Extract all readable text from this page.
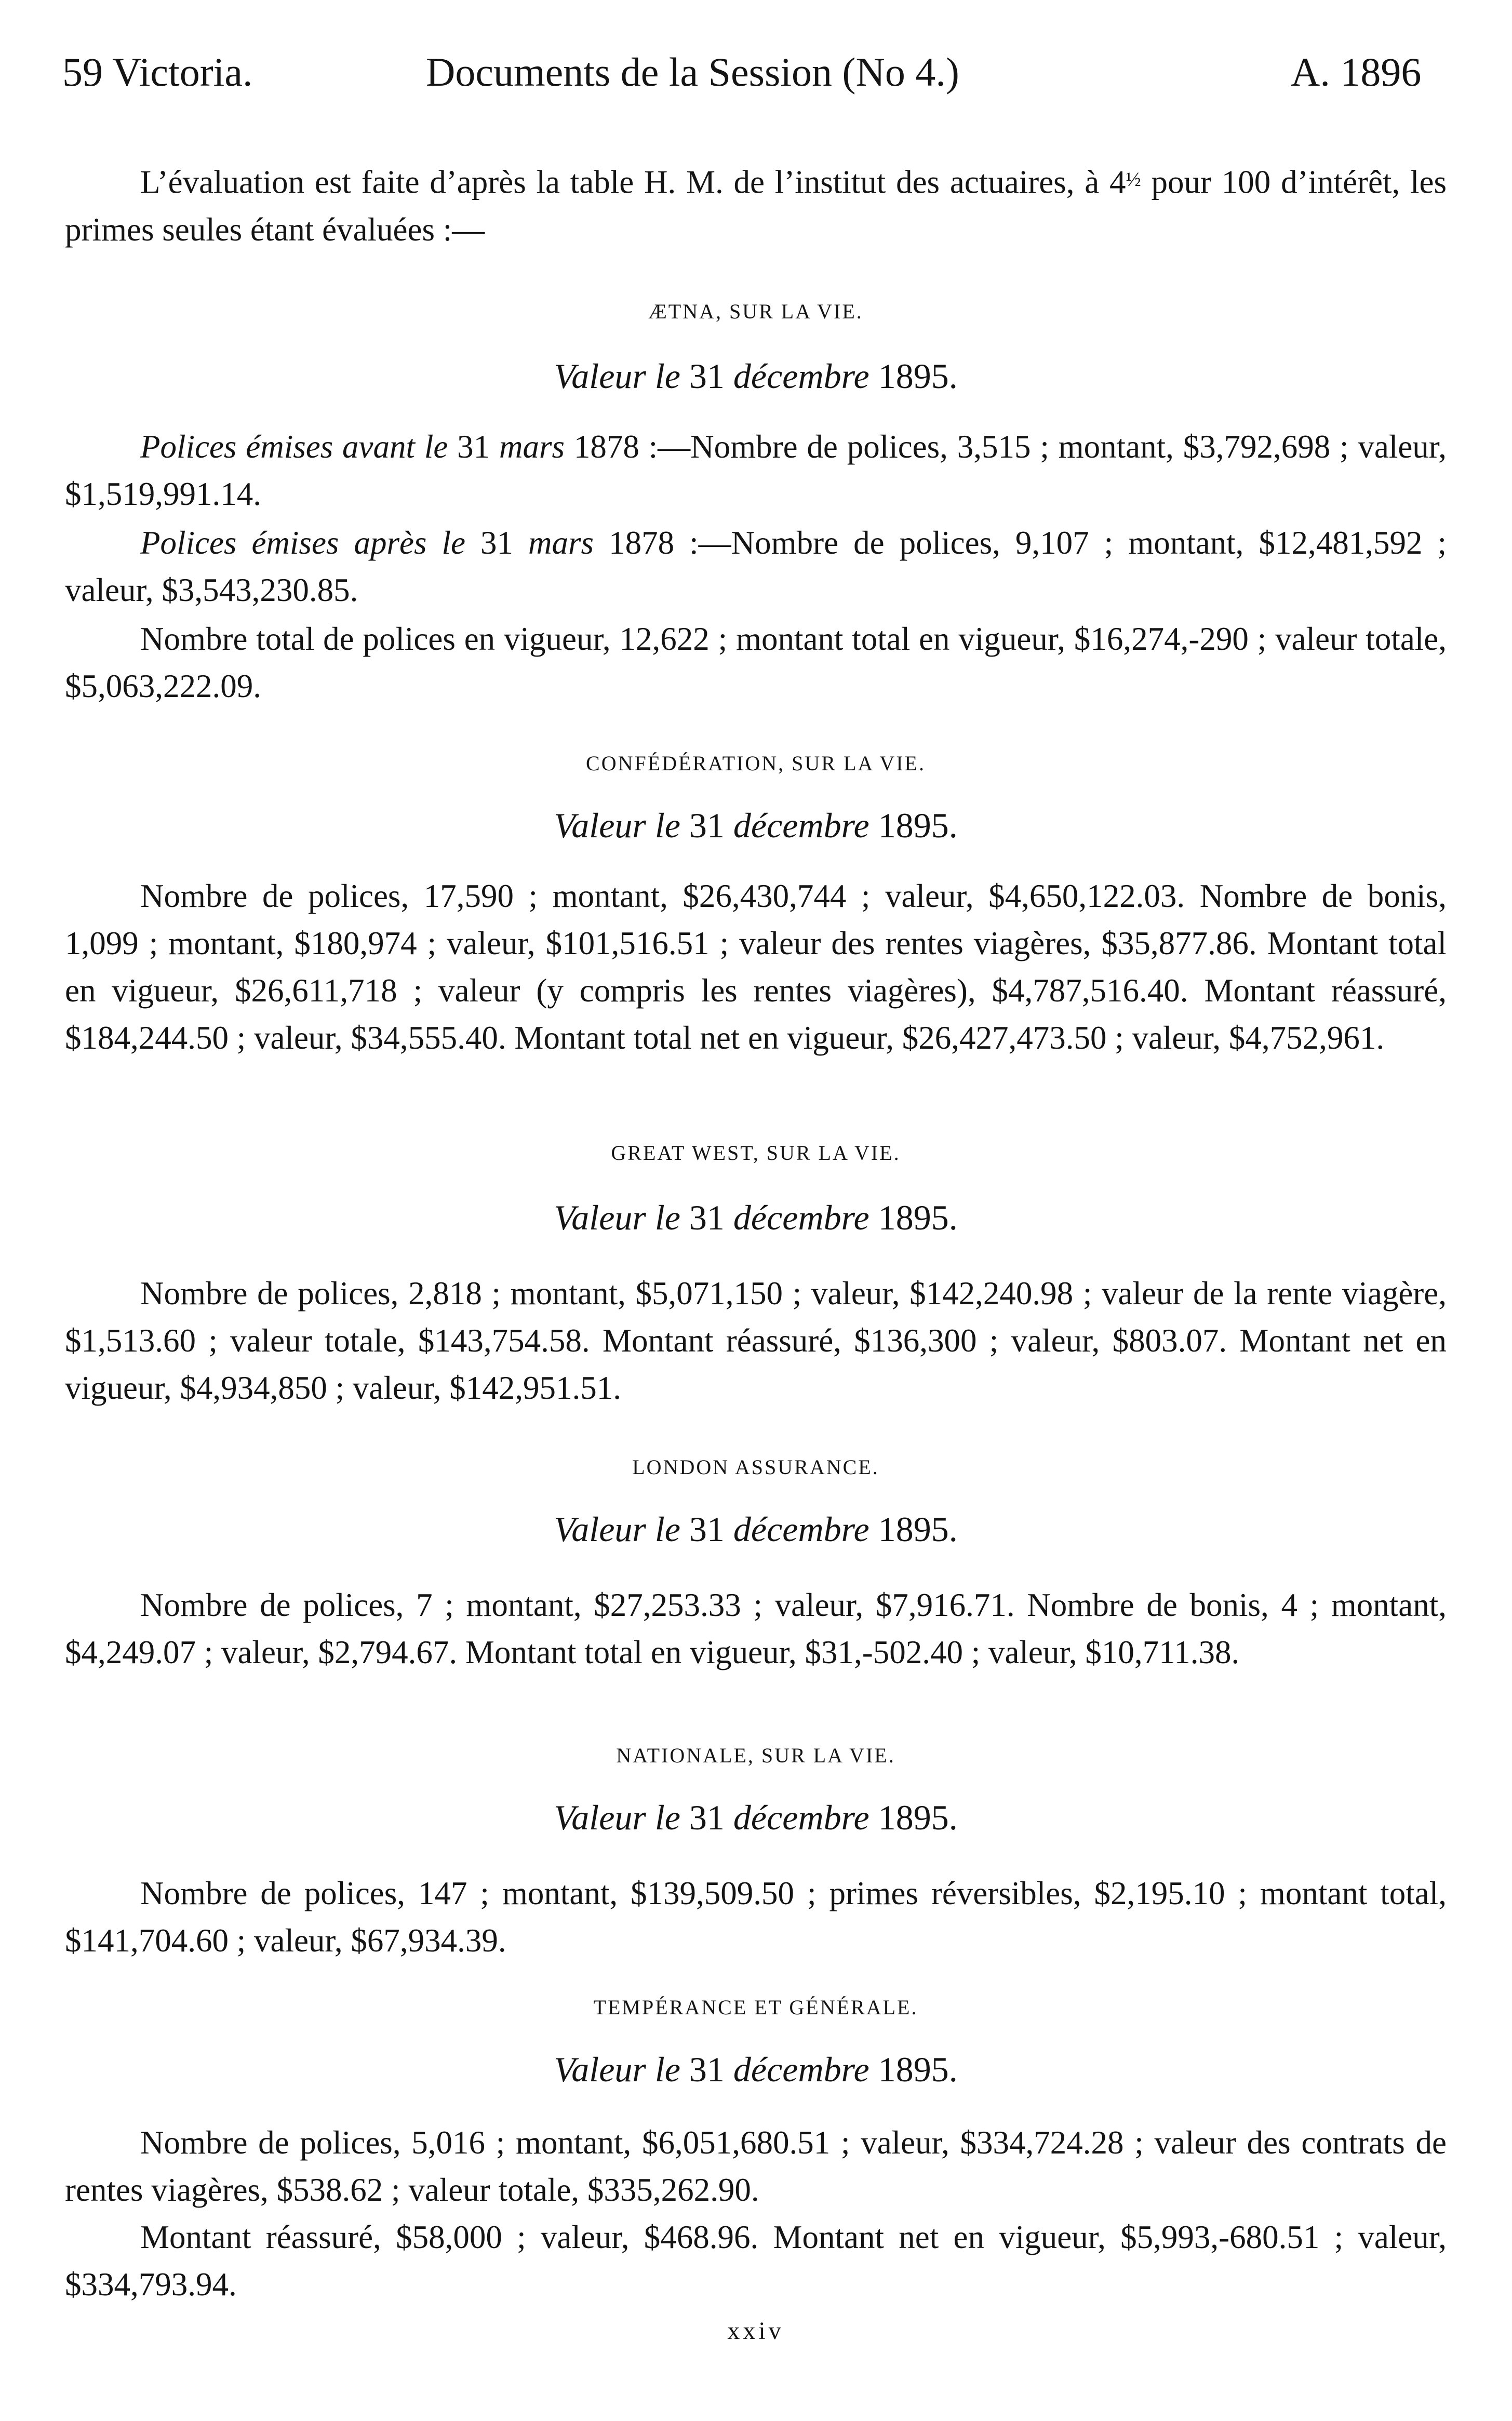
59 Victoria.	Documents de la Session (No 4.)	A. 1896

L’évaluation est faite d’après la table H. M. de l’institut des actuaires, à $4^{\frac{1}{2}}$ pour 100 d’intérêt, les primes seules étant évaluées :—

ÆTNA, SUR LA VIE.
Valeur le 31 décembre 1895.

Polices émises avant le 31 mars 1878 :—Nombre de polices, 3,515 ; montant, $3,792,698 ; valeur, $1,519,991.14.

Polices émises après le 31 mars 1878 :—Nombre de polices, 9,107 ; montant, $12,481,592 ; valeur, $3,543,230.85.

Nombre total de polices en vigueur, 12,622 ; montant total en vigueur, $16,274,-290 ; valeur totale, $5,063,222.09.

CONFÉDÉRATION, SUR LA VIE.
Valeur le 31 décembre 1895.

Nombre de polices, 17,590 ; montant, $26,430,744 ; valeur, $4,650,122.03. Nombre de bonis, 1,099 ; montant, $180,974 ; valeur, $101,516.51 ; valeur des rentes viagères, $35,877.86. Montant total en vigueur, $26,611,718 ; valeur (y compris les rentes viagères), $4,787,516.40. Montant réassuré, $184,244.50 ; valeur, $34,555.40. Montant total net en vigueur, $26,427,473.50 ; valeur, $4,752,961.

GREAT WEST, SUR LA VIE.
Valeur le 31 décembre 1895.

Nombre de polices, 2,818 ; montant, $5,071,150 ; valeur, $142,240.98 ; valeur de la rente viagère, $1,513.60 ; valeur totale, $143,754.58. Montant réassuré, $136,300 ; valeur, $803.07. Montant net en vigueur, $4,934,850 ; valeur, $142,951.51.

LONDON ASSURANCE.
Valeur le 31 décembre 1895.

Nombre de polices, 7 ; montant, $27,253.33 ; valeur, $7,916.71. Nombre de bonis, 4 ; montant, $4,249.07 ; valeur, $2,794.67. Montant total en vigueur, $31,-502.40 ; valeur, $10,711.38.

NATIONALE, SUR LA VIE.
Valeur le 31 décembre 1895.

Nombre de polices, 147 ; montant, $139,509.50 ; primes réversibles, $2,195.10 ; montant total, $141,704.60 ; valeur, $67,934.39.

TEMPÉRANCE ET GÉNÉRALE.
Valeur le 31 décembre 1895.

Nombre de polices, 5,016 ; montant, $6,051,680.51 ; valeur, $334,724.28 ; valeur des contrats de rentes viagères, $538.62 ; valeur totale, $335,262.90.

Montant réassuré, $58,000 ; valeur, $468.96. Montant net en vigueur, $5,993,-680.51 ; valeur, $334,793.94.

xxiv
